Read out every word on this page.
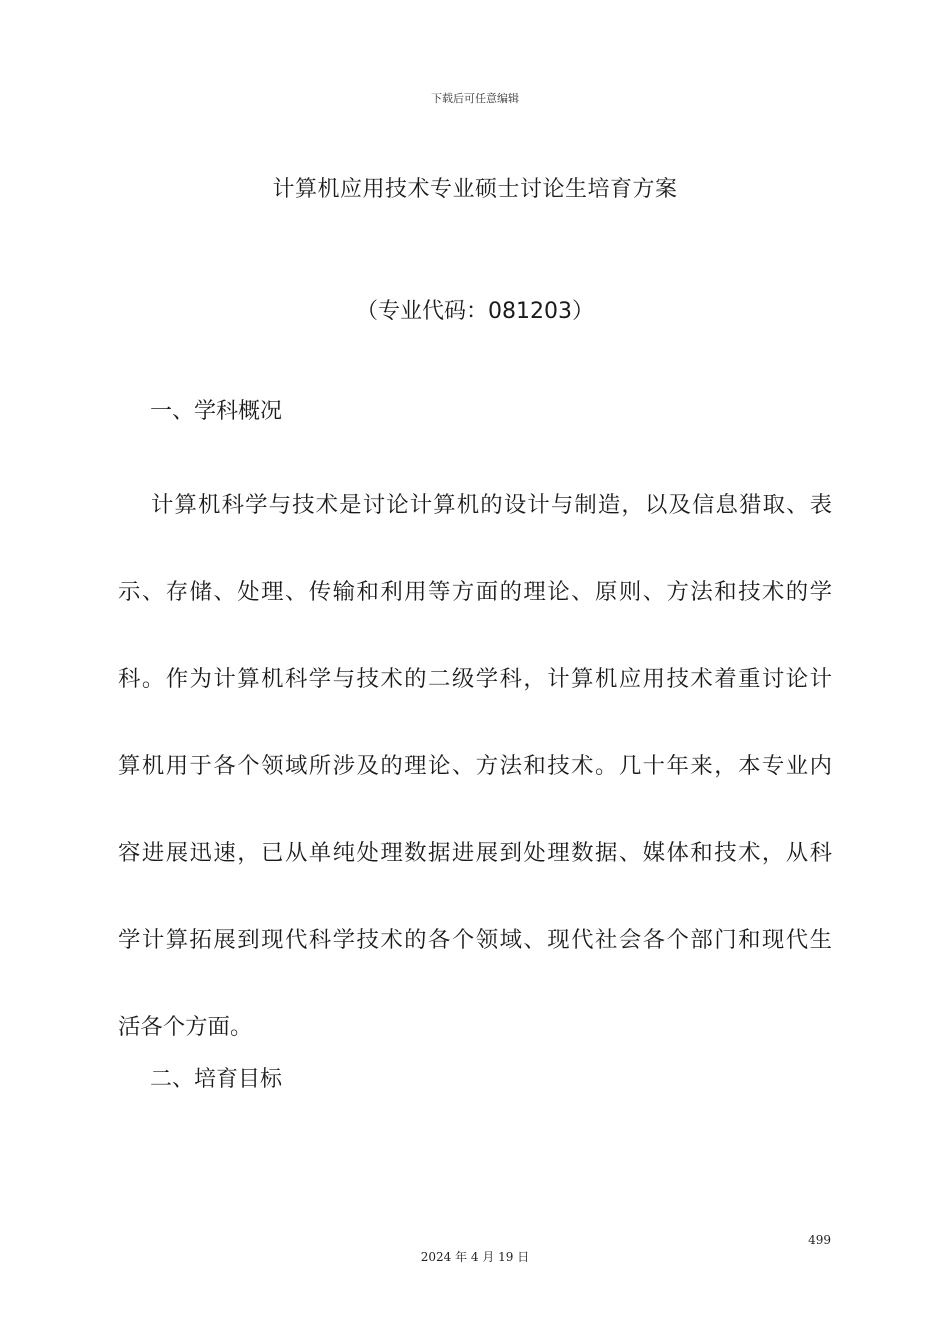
下载后可任意编辑
计算机应用技术专业硕士讨论生培育方案
（专业代码：081203）
一、学科概况
计算机科学与技术是讨论计算机的设计与制造，以及信息猎取、表
示、存储、处理、传输和利用等方面的理论、原则、方法和技术的学
科。作为计算机科学与技术的二级学科，计算机应用技术着重讨论计
算机用于各个领域所涉及的理论、方法和技术。几十年来，本专业内
容进展迅速，已从单纯处理数据进展到处理数据、媒体和技术，从科
学计算拓展到现代科学技术的各个领域、现代社会各个部门和现代生
活各个方面。
二、培育目标
499
2024 年 4 月 19 日
